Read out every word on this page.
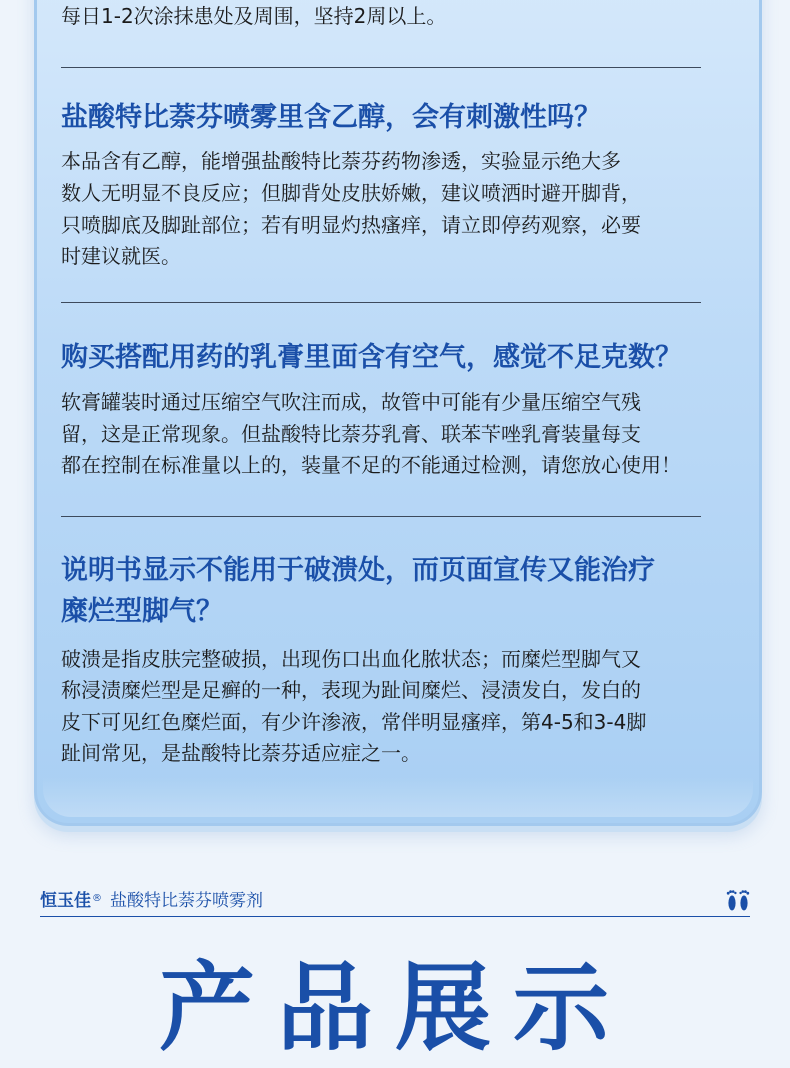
每日1-2次涂抹患处及周围，坚持2周以上。

盐酸特比萘芬喷雾里含乙醇，会有刺激性吗？

本品含有乙醇，能增强盐酸特比萘芬药物渗透，实验显示绝大多

数人无明显不良反应；但脚背处皮肤娇嫩，建议喷洒时避开脚背，

只喷脚底及脚趾部位；若有明显灼热瘙痒，请立即停药观察，必要

时建议就医。

购买搭配用药的乳膏里面含有空气，感觉不足克数？

软膏罐装时通过压缩空气吹注而成，故管中可能有少量压缩空气残

留，这是正常现象。但盐酸特比萘芬乳膏、联苯苄唑乳膏装量每支

都在控制在标准量以上的，装量不足的不能通过检测，请您放心使用！

说明书显示不能用于破溃处，而页面宣传又能治疗

糜烂型脚气？

破溃是指皮肤完整破损，出现伤口出血化脓状态；而糜烂型脚气又

称浸渍糜烂型是足癣的一种，表现为趾间糜烂、浸渍发白，发白的

皮下可见红色糜烂面，有少许渗液，常伴明显瘙痒，第4-5和3-4脚

趾间常见，是盐酸特比萘芬适应症之一。

恒玉佳 ® 盐酸特比萘芬喷雾剂
产品展示
